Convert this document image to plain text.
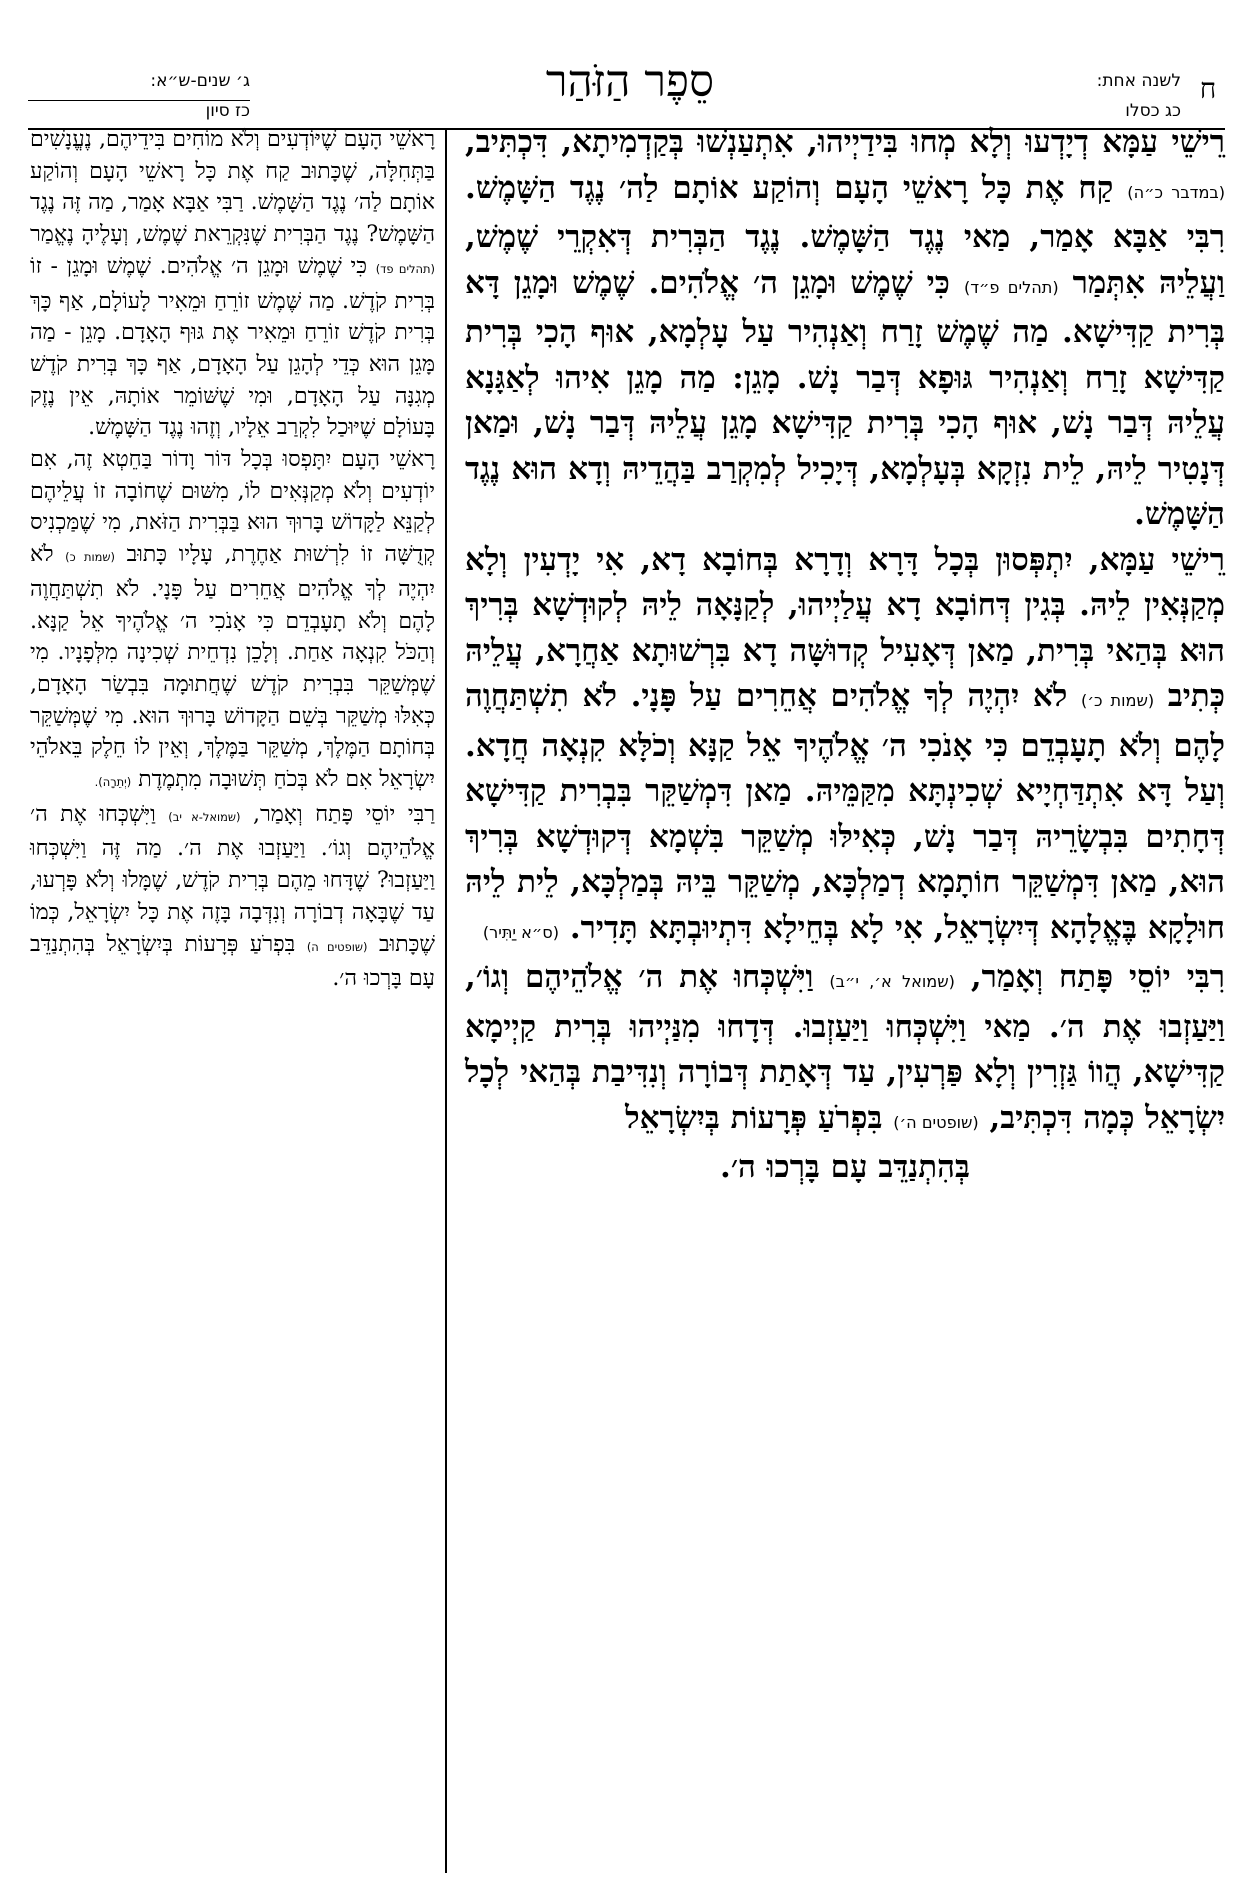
ח
לשנה אחת:
כג כסלו
סֵפֶר הַזֹּהַר
ג׳ שנים-ש״א:
כז סיון

רֵישֵׁי עַמָּא דְיָדְעוּ וְלָא מְחוּ בִּידַיְיהוּ, אִתְעַנְשׁוּ בְּקַדְמִיתָא, דִּכְתִּיב, (במדבר כ״ה) קַח אֶת כָּל רָאשֵׁי הָעָם וְהוֹקַע אוֹתָם לַה׳ נֶגֶד הַשָּׁמֶשׁ. רִבִּי אַבָּא אָמַר, מַאי נֶגֶד הַשָּׁמֶשׁ. נֶגֶד הַבְּרִית דְּאִקְרֵי שֶׁמֶשׁ, וַעֲלֵיהּ אִתְּמַר (תהלים פ״ד) כִּי שֶׁמֶשׁ וּמָגֵן ה׳ אֱלֹהִים. שֶׁמֶשׁ וּמָגֵן דָּא בְּרִית קַדִּישָׁא. מַה שֶׁמֶשׁ זָרַח וְאַנְהִיר עַל עָלְמָא, אוּף הָכִי בְּרִית קַדִּישָׁא זָרַח וְאַנְהִיר גּוּפָא דְּבַר נָשׁ. מָגֵן: מַה מָגֵן אִיהוּ לְאַגָּנָא עֲלֵיהּ דְּבַר נָשׁ, אוּף הָכִי בְּרִית קַדִּישָׁא מָגֵן עֲלֵיהּ דְּבַר נָשׁ, וּמַאן דְּנָטִיר לֵיהּ, לֵית נִזְקָא בְּעָלְמָא, דְּיָכִיל לְמִקְרַב בַּהֲדֵיהּ וְדָא הוּא נֶגֶד הַשָּׁמֶשׁ.

רֵישֵׁי עַמָּא, יִתְפְּסוּן בְּכָל דָּרָא וְדָרָא בְּחוֹבָא דָא, אִי יָדְעִין וְלָא מְקַנְּאִין לֵיהּ. בְּגִין דְּחוֹבָא דָא עֲלַיְיהוּ, לְקַנָּאָה לֵיהּ לְקוּדְשָׁא בְּרִיךְ הוּא בְּהַאי בְּרִית, מַאן דְּאָעִיל קְדוּשָּׁה דָא בִּרְשׁוּתָא אַחֲרָא, עֲלֵיהּ כְּתִיב (שמות כ׳) לֹא יִהְיֶה לְךָ אֱלֹהִים אֲחֵרִים עַל פָּנָי. לֹא תִשְׁתַּחֲוֶה לָהֶם וְלֹא תָעָבְדֵם כִּי אָנֹכִי ה׳ אֱלֹהֶיךָ אֵל קַנָּא וְכֹלָּא קִנְאָה חֲדָא. וְעַל דָּא אִתְדַּחְיָיא שְׁכִינְתָּא מִקַּמֵּיהּ. מַאן דִּמְשַׁקֵּר בִּבְרִית קַדִּישָׁא דְּחָתִים בִּבְשָׂרֵיהּ דְּבַר נָשׁ, כְּאִילּוּ מְשַׁקֵּר בִּשְׁמָא דְּקוּדְשָׁא בְּרִיךְ הוּא, מַאן דִּמְשַׁקֵּר חוֹתָמָא דְמַלְכָּא, מְשַׁקֵּר בֵּיהּ בְּמַלְכָּא, לֵית לֵיהּ חוּלָקָא בֶּאֱלָהָא דְּיִשְׂרָאֵל, אִי לָא בְּחֵילָא דִּתְיוּבְתָּא תָּדִיר. (ס״א יַתִּיר)

רִבִּי יוֹסֵי פָּתַח וְאָמַר, (שמואל א׳, י״ב) וַיִּשְׁכְּחוּ אֶת ה׳ אֱלֹהֵיהֶם וְגוֹ׳, וַיַּעַזְבוּ אֶת ה׳. מַאי וַיִּשְׁכְּחוּ וַיַּעַזְבוּ. דְּדָחוּ מִנַּיְיהוּ בְּרִית קַיְימָא קַדִּישָׁא, הֲווֹ גַּזְרִין וְלָא פַּרְעִין, עַד דְּאָתַת דְּבוֹרָה וְנִדִּיבַת בְּהַאי לְכָל יִשְׂרָאֵל כְּמָה דִּכְתִּיב, (שופטים ה׳) בִּפְרֹעַ פְּרָעוֹת בְּיִשְׂרָאֵל

בְּהִתְנַדֵּב עָם בָּרְכוּ ה׳.

רָאשֵׁי הָעָם שֶׁיּוֹדְעִים וְלֹא מוֹחִים בִּידֵיהֶם, נֶעֱנָשִׁים בַּתְּחִלָּה, שֶׁכָּתוּב קַח אֶת כָּל רָאשֵׁי הָעָם וְהוֹקַע אוֹתָם לַה׳ נֶגֶד הַשָּׁמֶשׁ. רַבִּי אַבָּא אָמַר, מַה זֶּה נֶגֶד הַשָּׁמֶשׁ? נֶגֶד הַבְּרִית שֶׁנִּקְרֵאת שֶׁמֶשׁ, וְעָלֶיהָ נֶאֱמַר (תהלים פד) כִּי שֶׁמֶשׁ וּמָגֵן ה׳ אֱלֹהִים. שֶׁמֶשׁ וּמָגֵן - זוֹ בְּרִית קֹדֶשׁ. מַה שֶּׁמֶשׁ זוֹרֵחַ וּמֵאִיר לָעוֹלָם, אַף כָּךְ בְּרִית קֹדֶשׁ זוֹרֵחַ וּמֵאִיר אֶת גּוּף הָאָדָם. מָגֵן - מַה מָּגֵן הוּא כְּדֵי לְהָגֵן עַל הָאָדָם, אַף כָּךְ בְּרִית קֹדֶשׁ מְגִנָּה עַל הָאָדָם, וּמִי שֶׁשּׁוֹמֵר אוֹתָהּ, אֵין נֶזֶק בָּעוֹלָם שֶׁיּוּכַל לִקְרַב אֵלָיו, וְזֶהוּ נֶגֶד הַשָּׁמֶשׁ.

רָאשֵׁי הָעָם יִתָּפְסוּ בְּכָל דּוֹר וָדוֹר בַּחֵטְא זֶה, אִם יוֹדְעִים וְלֹא מְקַנְּאִים לוֹ, מִשּׁוּם שֶׁחוֹבָה זוֹ עֲלֵיהֶם לְקַנֵּא לַקָּדוֹשׁ בָּרוּךְ הוּא בַּבְּרִית הַזֹּאת, מִי שֶׁמַּכְנִיס קְדֻשָּׁה זוֹ לִרְשׁוּת אַחֶרֶת, עָלָיו כָּתוּב (שמות כ) לֹא יִהְיֶה לְךָ אֱלֹהִים אֲחֵרִים עַל פָּנָי. לֹא תִשְׁתַּחֲוֶה לָהֶם וְלֹא תָעָבְדֵם כִּי אָנֹכִי ה׳ אֱלֹהֶיךָ אֵל קַנָּא. וְהַכֹּל קִנְאָה אַחַת. וְלָכֵן נִדְחֵית שְׁכִינָה מִלְּפָנָיו. מִי שֶׁמְּשַׁקֵּר בִּבְרִית קֹדֶשׁ שֶׁחֲתוּמָה בִּבְשַׂר הָאָדָם, כְּאִלּוּ מְשַׁקֵּר בְּשֵׁם הַקָּדוֹשׁ בָּרוּךְ הוּא. מִי שֶׁמְּשַׁקֵּר בְּחוֹתָם הַמֶּלֶךְ, מְשַׁקֵּר בַּמֶּלֶךְ, וְאֵין לוֹ חֵלֶק בֵּאלֹהֵי יִשְׂרָאֵל אִם לֹא בְּכֹחַ תְּשׁוּבָה מִתְמֶדֶת (יְתֵרָה).

רַבִּי יוֹסֵי פָּתַח וְאָמַר, (שמואל-א יב) וַיִּשְׁכְּחוּ אֶת ה׳ אֱלֹהֵיהֶם וְגוֹ׳. וַיַּעַזְבוּ אֶת ה׳. מַה זֶּה וַיִּשְׁכְּחוּ וַיַּעַזְבוּ? שֶׁדָּחוּ מֵהֶם בְּרִית קֹדֶשׁ, שֶׁמָּלוּ וְלֹא פָּרְעוּ, עַד שֶׁבָּאָה דְבוֹרָה וְנִדְּבָה בָּזֶה אֶת כָּל יִשְׂרָאֵל, כְּמוֹ שֶׁכָּתוּב (שופטים ה) בִּפְרֹעַ פְּרָעוֹת בְּיִשְׂרָאֵל בְּהִתְנַדֵּב עָם בָּרְכוּ ה׳.
